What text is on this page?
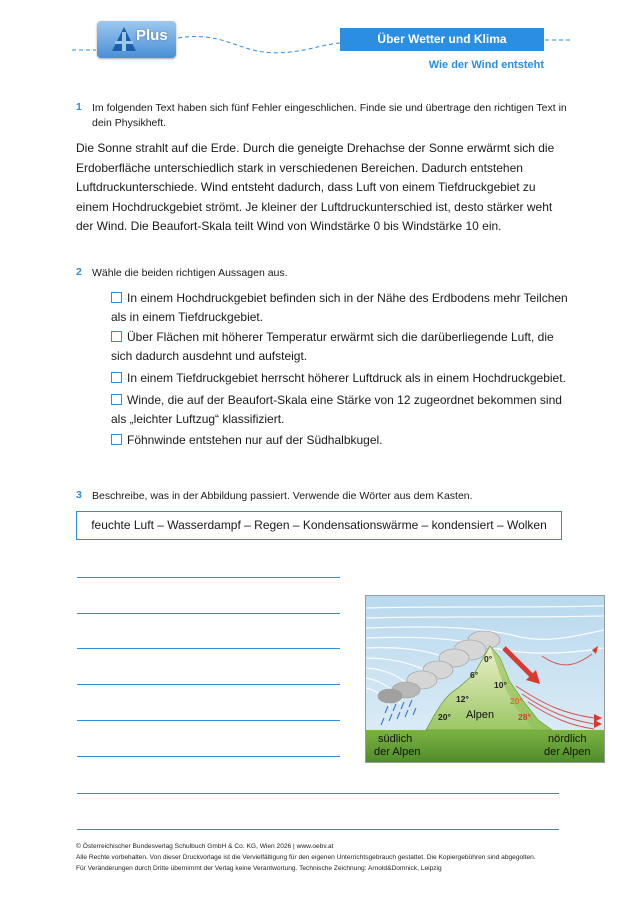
Plus	Über Wetter und Klima
Wie der Wind entsteht
1 Im folgenden Text haben sich fünf Fehler eingeschlichen. Finde sie und übertrage den richtigen Text in dein Physikheft.
Die Sonne strahlt auf die Erde. Durch die geneigte Drehachse der Sonne erwärmt sich die Erdoberfläche unterschiedlich stark in verschiedenen Bereichen. Dadurch entstehen Luftdruckunterschiede. Wind entsteht dadurch, dass Luft von einem Tiefdruckgebiet zu einem Hochdruckgebiet strömt. Je kleiner der Luftdruckunterschied ist, desto stärker weht der Wind. Die Beaufort-Skala teilt Wind von Windstärke 0 bis Windstärke 10 ein.
2 Wähle die beiden richtigen Aussagen aus.
In einem Hochdruckgebiet befinden sich in der Nähe des Erdbodens mehr Teilchen als in einem Tiefdruckgebiet.
Über Flächen mit höherer Temperatur erwärmt sich die darüberliegende Luft, die sich dadurch ausdehnt und aufsteigt.
In einem Tiefdruckgebiet herrscht höherer Luftdruck als in einem Hochdruckgebiet.
Winde, die auf der Beaufort-Skala eine Stärke von 12 zugeordnet bekommen sind als „leichter Luftzug“ klassifiziert.
Föhnwinde entstehen nur auf der Südhalbkugel.
3 Beschreibe, was in der Abbildung passiert. Verwende die Wörter aus dem Kasten.
feuchte Luft – Wasserdampf – Regen – Kondensationswärme – kondensiert – Wolken
0°
6°
10°
12°
20°
20°
28°
Alpen
südlich
der Alpen
nördlich
der Alpen
© Österreichischer Bundesverlag Schulbuch GmbH & Co. KG, Wien 2026 | www.oebv.at
Alle Rechte vorbehalten. Von dieser Druckvorlage ist die Vervielfältigung für den eigenen Unterrichtsgebrauch gestattet. Die Kopiergebühren sind abgegolten.
Für Veränderungen durch Dritte übernimmt der Verlag keine Verantwortung. Technische Zeichnung: Arnold&Domnick, Leipzig
